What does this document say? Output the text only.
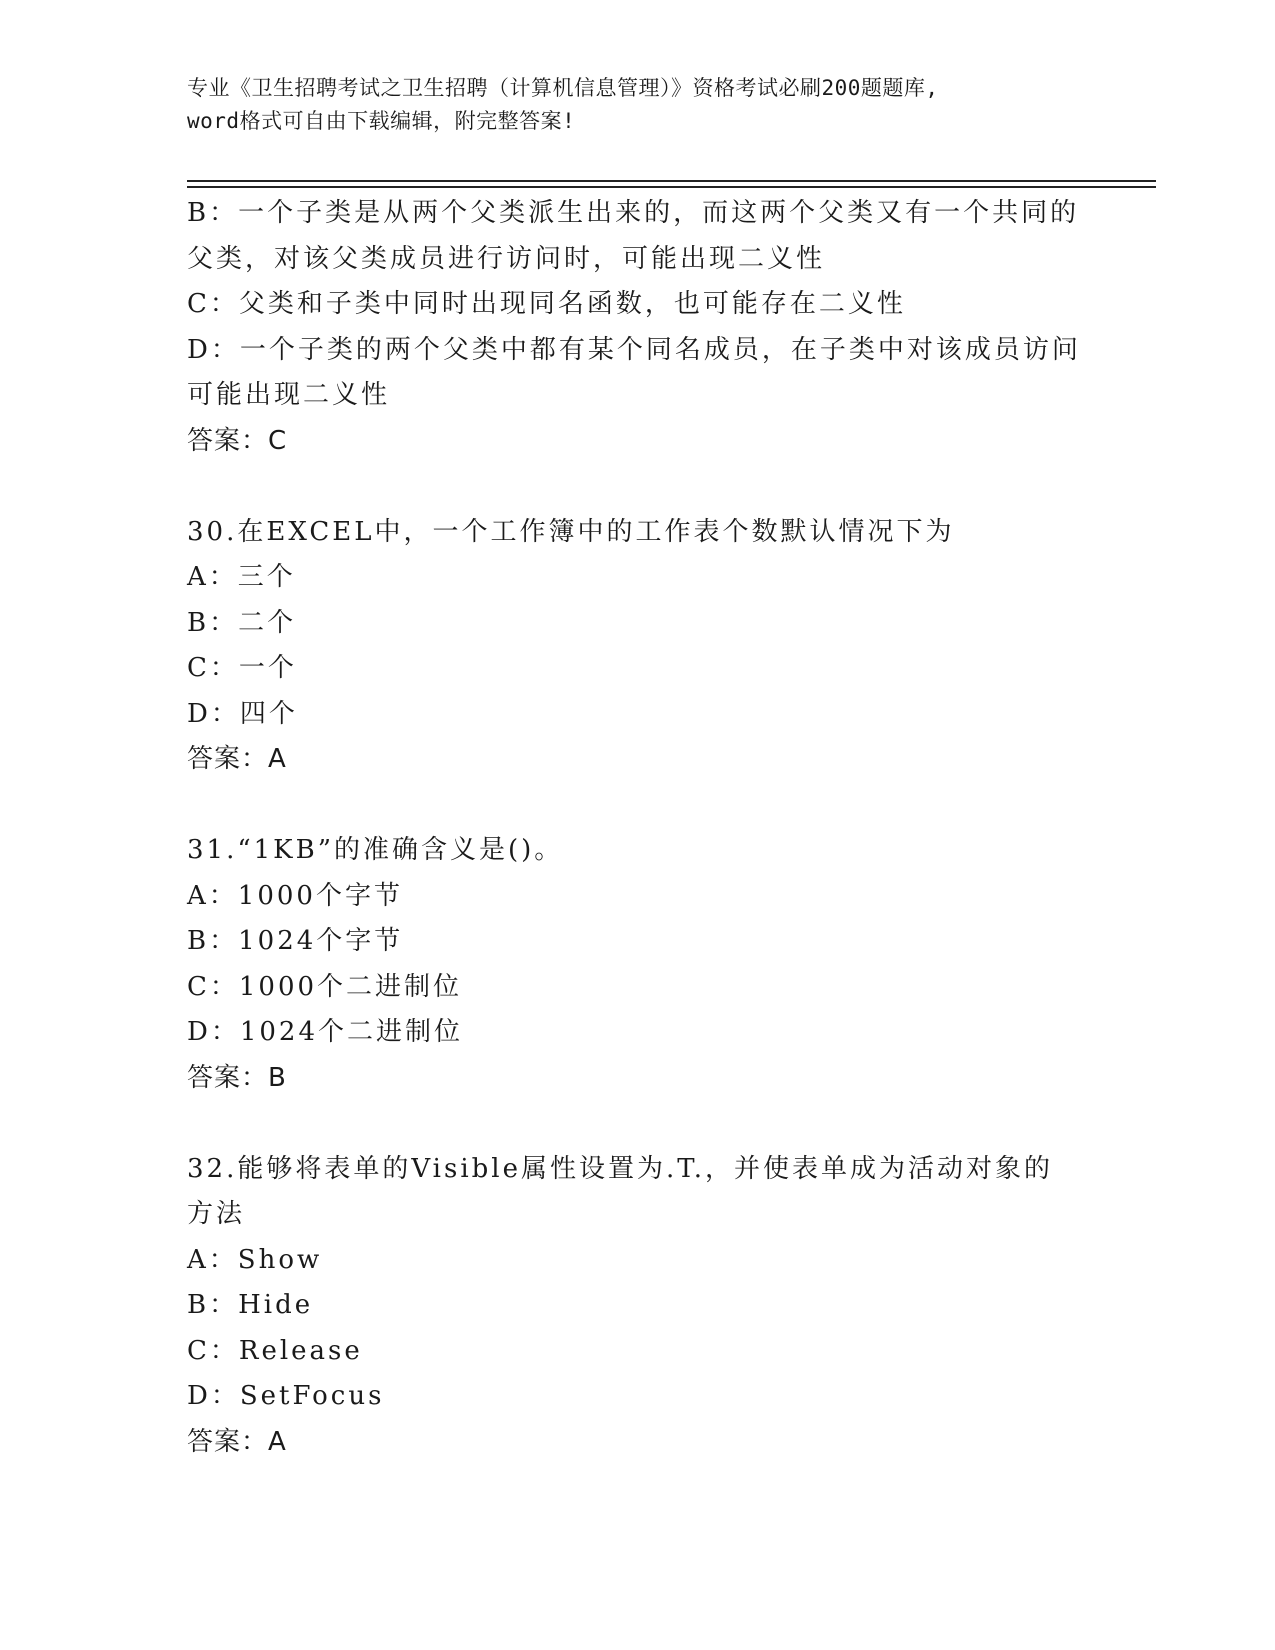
专业《卫生招聘考试之卫生招聘（计算机信息管理）》资格考试必刷200题题库,
word格式可自由下载编辑，附完整答案!
B：一个子类是从两个父类派生出来的，而这两个父类又有一个共同的
父类，对该父类成员进行访问时，可能出现二义性
C：父类和子类中同时出现同名函数，也可能存在二义性
D：一个子类的两个父类中都有某个同名成员，在子类中对该成员访问
可能出现二义性
答案：C
30.在EXCEL中，一个工作簿中的工作表个数默认情况下为
A：三个
B：二个
C：一个
D：四个
答案：A
31.“1KB”的准确含义是()。
A：1000个字节
B：1024个字节
C：1000个二进制位
D：1024个二进制位
答案：B
32.能够将表单的Visible属性设置为.T.，并使表单成为活动对象的
方法
A：Show
B：Hide
C：Release
D：SetFocus
答案：A
